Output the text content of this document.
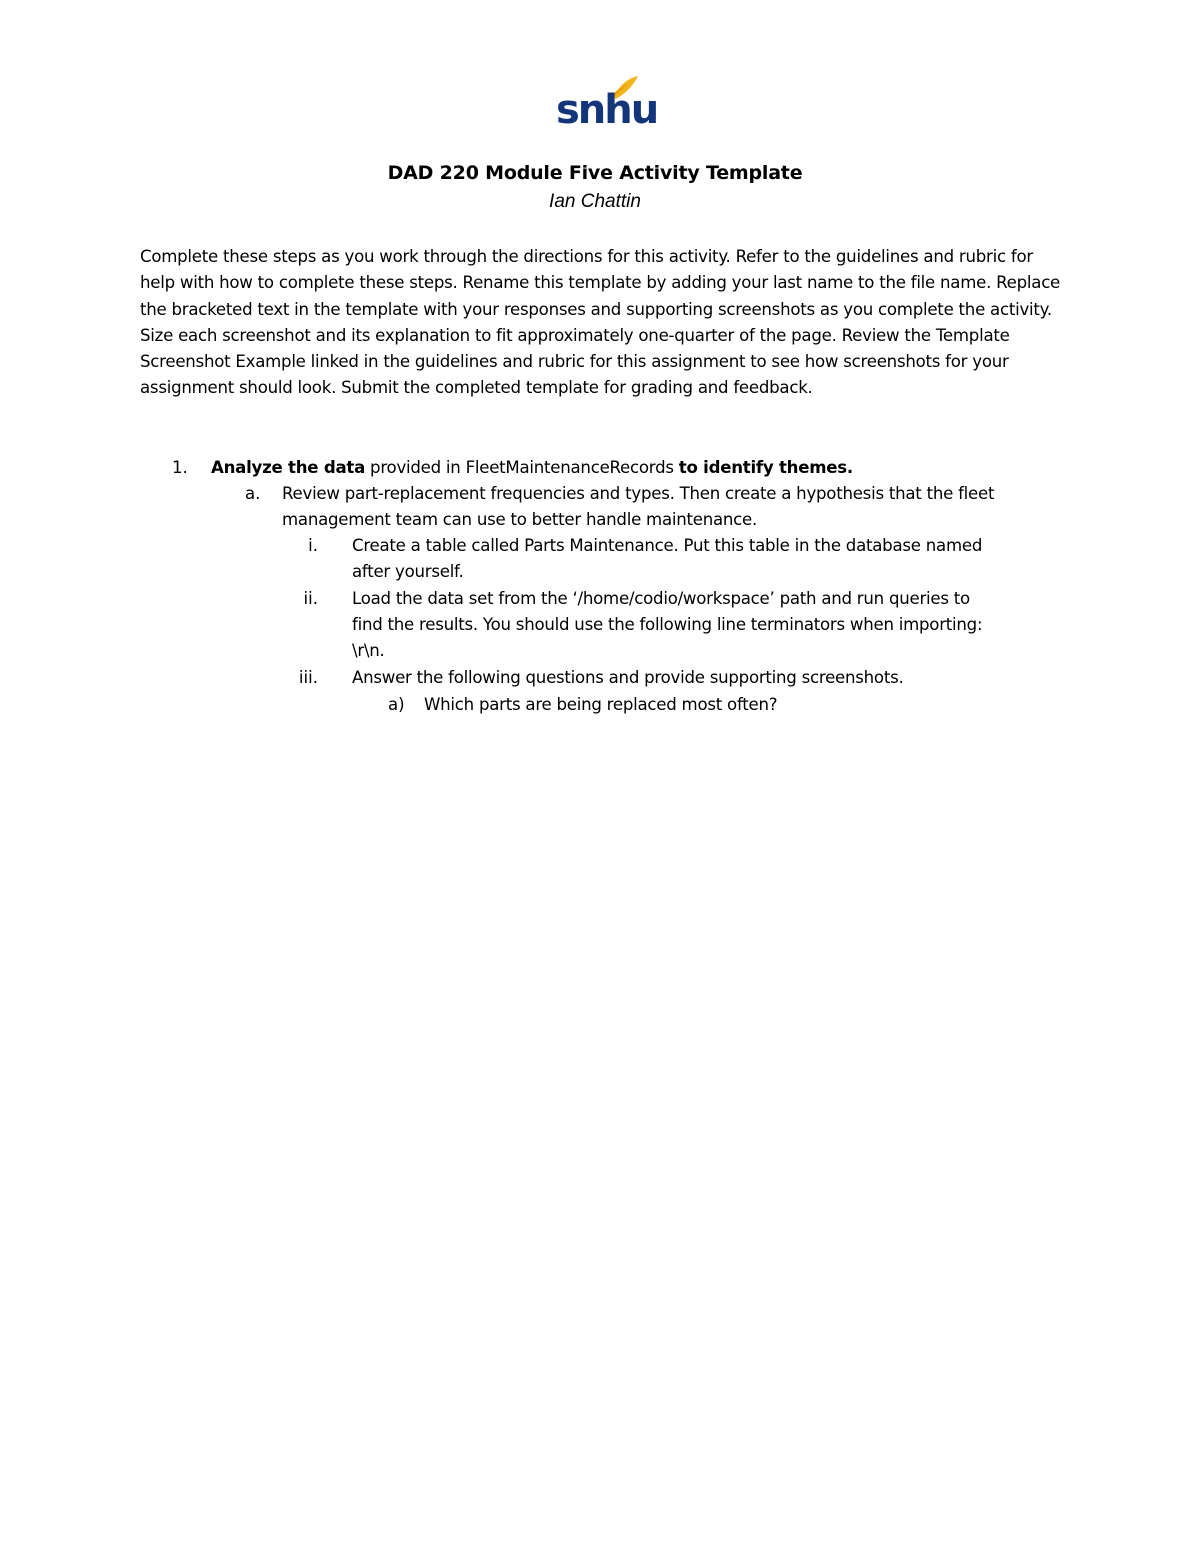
snhu
DAD 220 Module Five Activity Template
Ian Chattin

Complete these steps as you work through the directions for this activity. Refer to the guidelines and rubric for help with how to complete these steps. Rename this template by adding your last name to the file name. Replace the bracketed text in the template with your responses and supporting screenshots as you complete the activity. Size each screenshot and its explanation to fit approximately one-quarter of the page. Review the Template Screenshot Example linked in the guidelines and rubric for this assignment to see how screenshots for your assignment should look. Submit the completed template for grading and feedback.

1. Analyze the data provided in FleetMaintenanceRecords to identify themes.
a. Review part-replacement frequencies and types. Then create a hypothesis that the fleet
management team can use to better handle maintenance.
i. Create a table called Parts Maintenance. Put this table in the database named
after yourself.
ii. Load the data set from the ‘/home/codio/workspace’ path and run queries to
find the results. You should use the following line terminators when importing:
\r\n.
iii. Answer the following questions and provide supporting screenshots.
a) Which parts are being replaced most often?
